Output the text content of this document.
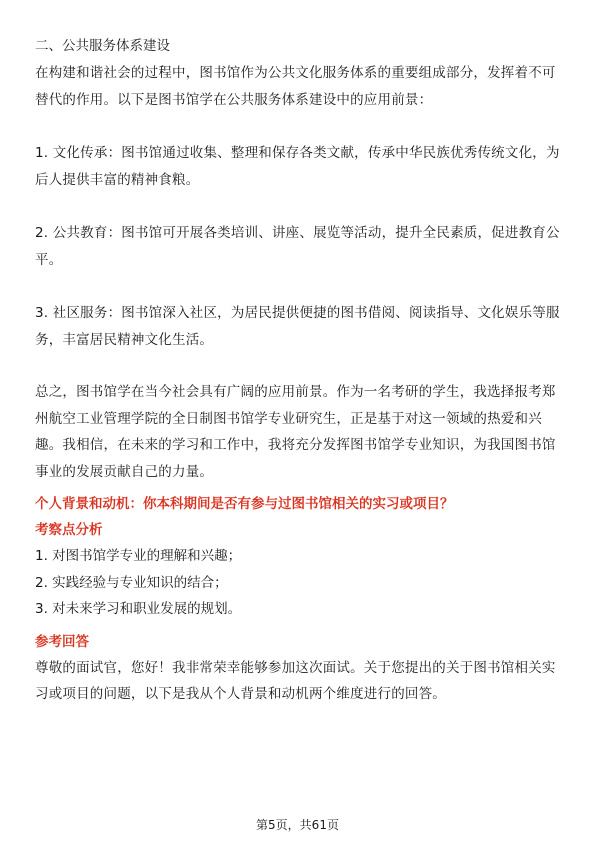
二、公共服务体系建设

在构建和谐社会的过程中，图书馆作为公共文化服务体系的重要组成部分，发挥着不可替代的作用。以下是图书馆学在公共服务体系建设中的应用前景：

1. 文化传承：图书馆通过收集、整理和保存各类文献，传承中华民族优秀传统文化，为后人提供丰富的精神食粮。

2. 公共教育：图书馆可开展各类培训、讲座、展览等活动，提升全民素质，促进教育公平。

3. 社区服务：图书馆深入社区，为居民提供便捷的图书借阅、阅读指导、文化娱乐等服务，丰富居民精神文化生活。

总之，图书馆学在当今社会具有广阔的应用前景。作为一名考研的学生，我选择报考郑州航空工业管理学院的全日制图书馆学专业研究生，正是基于对这一领域的热爱和兴趣。我相信，在未来的学习和工作中，我将充分发挥图书馆学专业知识，为我国图书馆事业的发展贡献自己的力量。

个人背景和动机：你本科期间是否有参与过图书馆相关的实习或项目？

考察点分析

1. 对图书馆学专业的理解和兴趣；

2. 实践经验与专业知识的结合；

3. 对未来学习和职业发展的规划。

参考回答

尊敬的面试官，您好！我非常荣幸能够参加这次面试。关于您提出的关于图书馆相关实习或项目的问题，以下是我从个人背景和动机两个维度进行的回答。

第5页，共61页
